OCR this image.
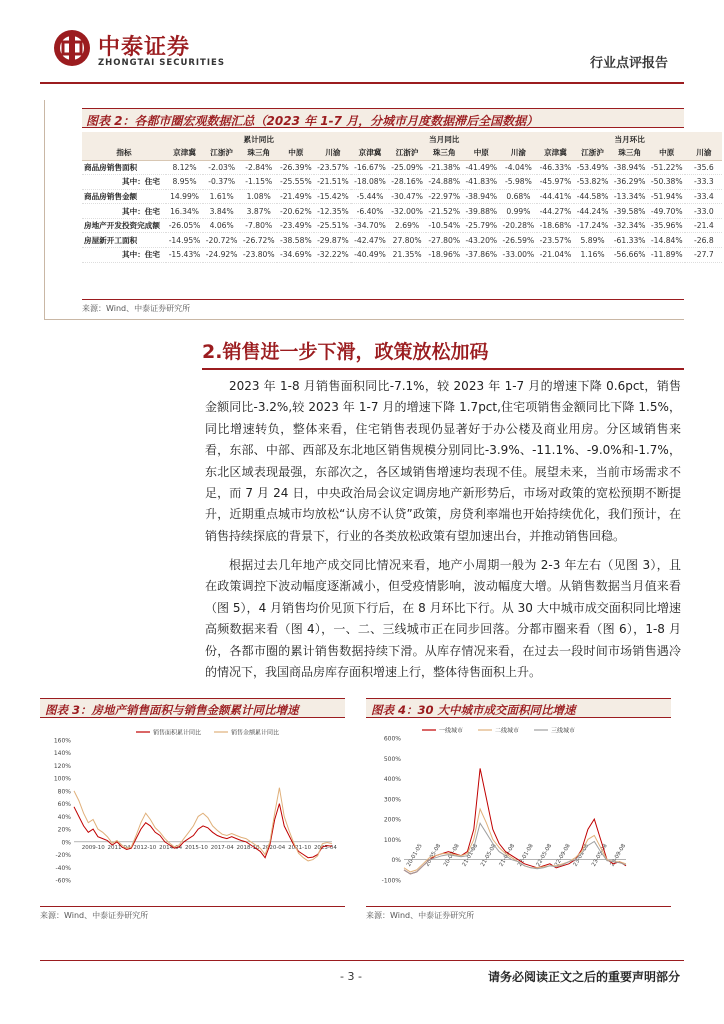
中泰证券
ZHONGTAI SECURITIES	行业点评报告
图表 2：各都市圈宏观数据汇总（2023 年 1-7 月，分城市月度数据滞后全国数据）
	累计同比					当月同比					当月环比				
指标	京津冀	江浙沪	珠三角	中原	川渝	京津冀	江浙沪	珠三角	中原	川渝	京津冀	江浙沪	珠三角	中原	川渝
商品房销售面积	8.12%	-2.03%	-2.84%	-26.39%	-23.57%	-16.67%	-25.09%	-21.38%	-41.49%	-4.04%	-46.33%	-53.49%	-38.94%	-51.22%	-35.6
其中：住宅	8.95%	-0.37%	-1.15%	-25.55%	-21.51%	-18.08%	-28.16%	-24.88%	-41.83%	-5.98%	-45.97%	-53.82%	-36.29%	-50.38%	-33.3
商品房销售金额	14.99%	1.61%	1.08%	-21.49%	-15.42%	-5.44%	-30.47%	-22.97%	-38.94%	0.68%	-44.41%	-44.58%	-13.34%	-51.94%	-33.4
其中：住宅	16.34%	3.84%	3.87%	-20.62%	-12.35%	-6.40%	-32.00%	-21.52%	-39.88%	0.99%	-44.27%	-44.24%	-39.58%	-49.70%	-33.0
房地产开发投资完成额	-26.05%	4.06%	-7.80%	-23.49%	-25.51%	-34.70%	2.69%	-10.54%	-25.79%	-20.28%	-18.68%	-17.24%	-32.34%	-35.96%	-21.4
房屋新开工面积	-14.95%	-20.72%	-26.72%	-38.58%	-29.87%	-42.47%	27.80%	-27.80%	-43.20%	-26.59%	-23.57%	5.89%	-61.33%	-14.84%	-26.8
其中：住宅	-15.43%	-24.92%	-23.80%	-34.69%	-32.22%	-40.49%	21.35%	-18.96%	-37.86%	-33.00%	-21.04%	1.16%	-56.66%	-11.89%	-27.7
来源：Wind、中泰证券研究所
2.销售进一步下滑，政策放松加码

2023 年 1-8 月销售面积同比-7.1%，较 2023 年 1-7 月的增速下降 0.6pct，销售金额同比-3.2%,较 2023 年 1-7 月的增速下降 1.7pct,住宅项销售金额同比下降 1.5%，同比增速转负，整体来看，住宅销售表现仍显著好于办公楼及商业用房。分区域销售来看，东部、中部、西部及东北地区销售规模分别同比-3.9%、-11.1%、-9.0%和-1.7%，东北区域表现最强，东部次之，各区域销售增速均表现不佳。展望未来，当前市场需求不足，而 7 月 24 日，中央政治局会议定调房地产新形势后，市场对政策的宽松预期不断提升，近期重点城市均放松“认房不认贷”政策，房贷利率端也开始持续优化，我们预计，在销售持续探底的背景下，行业的各类放松政策有望加速出台，并推动销售回稳。

根据过去几年地产成交同比情况来看，地产小周期一般为 2-3 年左右（见图 3），且在政策调控下波动幅度逐渐减小，但受疫情影响，波动幅度大增。从销售数据当月值来看（图 5），4 月销售均价见顶下行后，在 8 月环比下行。从 30 大中城市成交面积同比增速高频数据来看（图 4），一、二、三线城市正在同步回落。分都市圈来看（图 6），1-8 月份，各都市圈的累计销售数据持续下滑。从库存情况来看，在过去一段时间市场销售遇冷的情况下，我国商品房库存面积增速上行，整体待售面积上升。

图表 3：房地产销售面积与销售金额累计同比增速
160%
140%
120%
100%
80%
60%
40%
20%
0%
-20%
-40%
-60%
2009-10 2011-04 2012-10 2014-04 2015-10 2017-04 2018-10 2020-04 2021-10 2023-04
销售面积累计同比	销售金额累计同比
来源：Wind、中泰证券研究所
图表 4：30 大中城市成交面积同比增速
600%
500%
400%
300%
200%
100%
0%
-100%
20-01-05 20-05-08 20-09-08 21-01-08 21-05-08 21-09-08 22-01-08 22-05-08 22-09-08 23-01-08 23-05-08 23-09-08
一线城市	二线城市	三线城市
来源：Wind、中泰证券研究所
- 3 -	请务必阅读正文之后的重要声明部分
